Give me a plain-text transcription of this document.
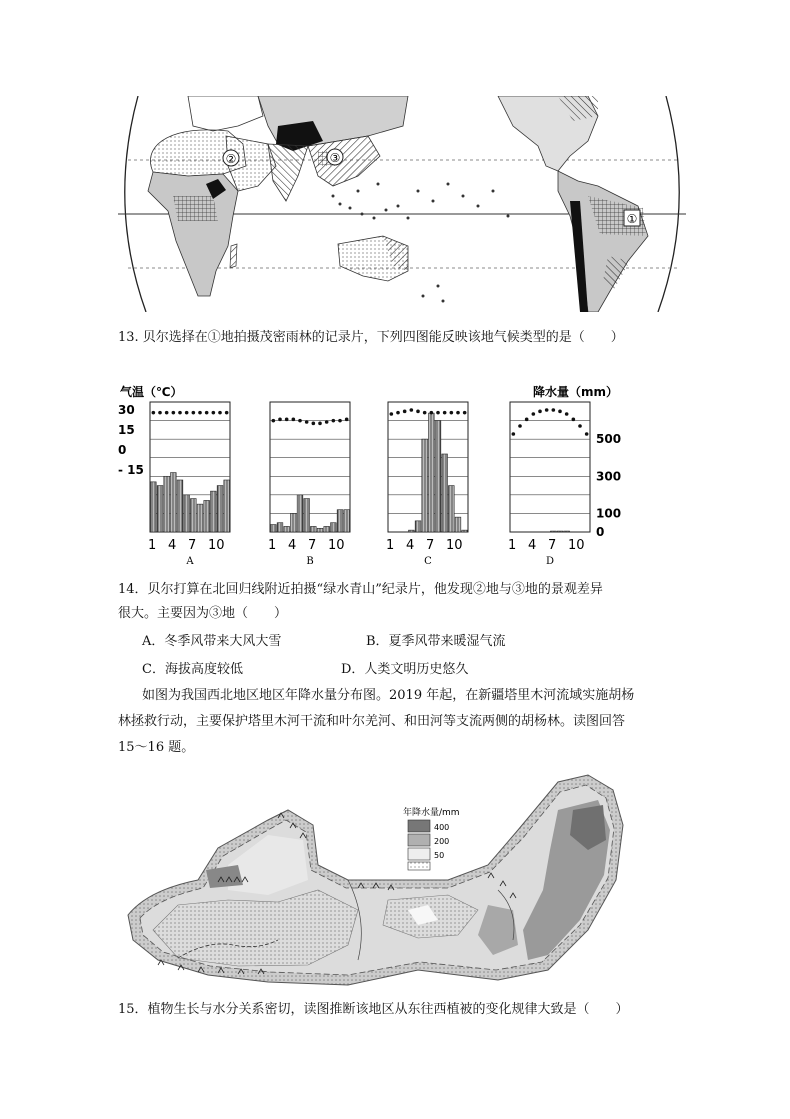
②	③
①
13. 贝尔选择在①地拍摄茂密雨林的记录片，下列四图能反映该地气候类型的是（　　）
气温（℃）	降水量（mm）
30
15
0
- 15
500
300
100
0
1 4 7 10
A
1 4 7 10
B
1 4 7 10
C
1 4 7 10
D
14．贝尔打算在北回归线附近拍摄“绿水青山”纪录片，他发现②地与③地的景观差异
很大。主要因为③地（　　）
A．冬季风带来大风大雪	B．夏季风带来暖湿气流
C．海拔高度较低	D．人类文明历史悠久
如图为我国西北地区地区年降水量分布图。2019 年起，在新疆塔里木河流域实施胡杨
林拯救行动，主要保护塔里木河干流和叶尔羌河、和田河等支流两侧的胡杨林。读图回答
15～16 题。
年降水量/mm
400
200
50
15．植物生长与水分关系密切，读图推断该地区从东往西植被的变化规律大致是（　　）
